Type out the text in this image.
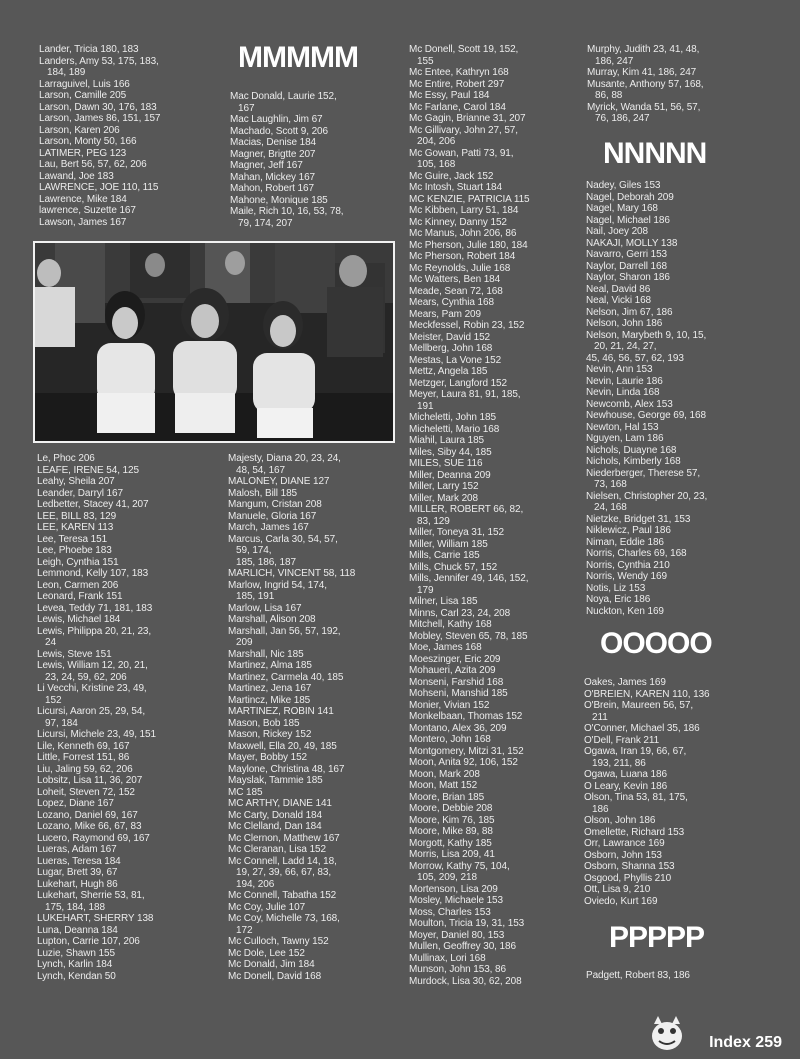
Lander, Tricia 180, 183
Landers, Amy 53, 175, 183,
184, 189
Larraguivel, Luis 166
Larson, Camille 205
Larson, Dawn 30, 176, 183
Larson, James 86, 151, 157
Larson, Karen 206
Larson, Monty 50, 166
LATIMER, PEG 123
Lau, Bert 56, 57, 62, 206
Lawand, Joe 183
LAWRENCE, JOE 110, 115
Lawrence, Mike 184
lawrence, Suzette 167
Lawson, James 167
MMMMM
Mac Donald, Laurie 152,
167
Mac Laughlin, Jim 67
Machado, Scott 9, 206
Macias, Denise 184
Magner, Brigtte 207
Magner, Jeff 167
Mahan, Mickey 167
Mahon, Robert 167
Mahone, Monique 185
Maile, Rich 10, 16, 53, 78,
79, 174, 207
Le, Phoc 206
LEAFE, IRENE 54, 125
Leahy, Sheila 207
Leander, Darryl 167
Ledbetter, Stacey 41, 207
LEE, BILL 83, 129
LEE, KAREN 113
Lee, Teresa 151
Lee, Phoebe 183
Leigh, Cynthia 151
Lemmond, Kelly 107, 183
Leon, Carmen 206
Leonard, Frank 151
Levea, Teddy 71, 181, 183
Lewis, Michael 184
Lewis, Philippa 20, 21, 23,
24
Lewis, Steve 151
Lewis, William 12, 20, 21,
23, 24, 59, 62, 206
Li Vecchi, Kristine 23, 49,
152
Licursi, Aaron 25, 29, 54,
97, 184
Licursi, Michele 23, 49, 151
Lile, Kenneth 69, 167
Little, Forrest 151, 86
Liu, Jaling 59, 62, 206
Lobsitz, Lisa 11, 36, 207
Loheit, Steven 72, 152
Lopez, Diane 167
Lozano, Daniel 69, 167
Lozano, Mike 66, 67, 83
Lucero, Raymond 69, 167
Lueras, Adam 167
Lueras, Teresa 184
Lugar, Brett 39, 67
Lukehart, Hugh 86
Lukehart, Sherrie 53, 81,
175, 184, 188
LUKEHART, SHERRY 138
Luna, Deanna 184
Lupton, Carrie 107, 206
Luzie, Shawn 155
Lynch, Karlin 184
Lynch, Kendan 50
Majesty, Diana 20, 23, 24,
48, 54, 167
MALONEY, DIANE 127
Malosh, Bill 185
Mangum, Cristan 208
Manuele, Gloria 167
March, James 167
Marcus, Carla 30, 54, 57,
59, 174,
185, 186, 187
MARLICH, VINCENT 58, 118
Marlow, Ingrid 54, 174,
185, 191
Marlow, Lisa 167
Marshall, Alison 208
Marshall, Jan 56, 57, 192,
209
Marshall, Nic 185
Martinez, Alma 185
Martinez, Carmela 40, 185
Martinez, Jena 167
Martincz, Mike 185
MARTINEZ, ROBIN 141
Mason, Bob 185
Mason, Rickey 152
Maxwell, Ella 20, 49, 185
Mayer, Bobby 152
Maylone, Christina 48, 167
Mayslak, Tammie 185
MC 185
MC ARTHY, DIANE 141
Mc Carty, Donald 184
Mc Clelland, Dan 184
Mc Clernon, Matthew 167
Mc Cleranan, Lisa 152
Mc Connell, Ladd 14, 18,
19, 27, 39, 66, 67, 83,
194, 206
Mc Connell, Tabatha 152
Mc Coy, Julie 107
Mc Coy, Michelle 73, 168,
172
Mc Culloch, Tawny 152
Mc Dole, Lee 152
Mc Donald, Jim 184
Mc Donell, David 168
Mc Donell, Scott 19, 152,
155
Mc Entee, Kathryn 168
Mc Entire, Robert 297
Mc Essy, Paul 184
Mc Farlane, Carol 184
Mc Gagin, Brianne 31, 207
Mc Gillivary, John 27, 57,
204, 206
Mc Gowan, Patti 73, 91,
105, 168
Mc Guire, Jack 152
Mc Intosh, Stuart 184
MC KENZIE, PATRICIA 115
Mc Kibben, Larry 51, 184
Mc Kinney, Danny 152
Mc Manus, John 206, 86
Mc Pherson, Julie 180, 184
Mc Pherson, Robert 184
Mc Reynolds, Julie 168
Mc Watters, Ben 184
Meade, Sean 72, 168
Mears, Cynthia 168
Mears, Pam 209
Meckfessel, Robin 23, 152
Meister, David 152
Mellberg, John 168
Mestas, La Vone 152
Mettz, Angela 185
Metzger, Langford 152
Meyer, Laura 81, 91, 185,
191
Micheletti, John 185
Micheletti, Mario 168
Miahil, Laura 185
Miles, Siby 44, 185
MILES, SUE 116
Miller, Deanna 209
Miller, Larry 152
Miller, Mark 208
MILLER, ROBERT 66, 82,
83, 129
Miller, Toneya 31, 152
Miller, William 185
Mills, Carrie 185
Mills, Chuck 57, 152
Mills, Jennifer 49, 146, 152,
179
Milner, Lisa 185
Minns, Carl 23, 24, 208
Mitchell, Kathy 168
Mobley, Steven 65, 78, 185
Moe, James 168
Moeszinger, Eric 209
Mohaueri, Azita 209
Monseni, Farshid 168
Mohseni, Manshid 185
Monier, Vivian 152
Monkelbaan, Thomas 152
Montano, Alex 36, 209
Montero, John 168
Montgomery, Mitzi 31, 152
Moon, Anita 92, 106, 152
Moon, Mark 208
Moon, Matt 152
Moore, Brian 185
Moore, Debbie 208
Moore, Kim 76, 185
Moore, Mike 89, 88
Morgott, Kathy 185
Morris, Lisa 209, 41
Morrow, Kathy 75, 104,
105, 209, 218
Mortenson, Lisa 209
Mosley, Michaele 153
Moss, Charles 153
Moulton, Tricia 19, 31, 153
Moyer, Daniel 80, 153
Mullen, Geoffrey 30, 186
Mullinax, Lori 168
Munson, John 153, 86
Murdock, Lisa 30, 62, 208
Murphy, Judith 23, 41, 48,
186, 247
Murray, Kim 41, 186, 247
Musante, Anthony 57, 168,
86, 88
Myrick, Wanda 51, 56, 57,
76, 186, 247
NNNNN
Nadey, Giles 153
Nagel, Deborah 209
Nagel, Mary 168
Nagel, Michael 186
Nail, Joey 208
NAKAJI, MOLLY 138
Navarro, Gerri 153
Naylor, Darrell 168
Naylor, Sharon 186
Neal, David 86
Neal, Vicki 168
Nelson, Jim 67, 186
Nelson, John 186
Nelson, Marybeth 9, 10, 15,
20, 21, 24, 27,
45, 46, 56, 57, 62, 193
Nevin, Ann 153
Nevin, Laurie 186
Nevin, Linda 168
Newcomb, Alex 153
Newhouse, George 69, 168
Newton, Hal 153
Nguyen, Lam 186
Nichols, Duayne 168
Nichols, Kimberly 168
Niederberger, Therese 57,
73, 168
Nielsen, Christopher 20, 23,
24, 168
Nietzke, Bridget 31, 153
Niklewicz, Paul 186
Niman, Eddie 186
Norris, Charles 69, 168
Norris, Cynthia 210
Norris, Wendy 169
Notis, Liz 153
Noya, Eric 186
Nuckton, Ken 169
OOOOO
Oakes, James 169
O'BREIEN, KAREN 110, 136
O'Brein, Maureen 56, 57,
211
O'Conner, Michael 35, 186
O'Dell, Frank 211
Ogawa, Iran 19, 66, 67,
193, 211, 86
Ogawa, Luana 186
O Leary, Kevin 186
Olson, Tina 53, 81, 175,
186
Olson, John 186
Omellette, Richard 153
Orr, Lawrance 169
Osborn, John 153
Osborn, Shanna 153
Osgood, Phyllis 210
Ott, Lisa 9, 210
Oviedo, Kurt 169
PPPPP
Padgett, Robert 83, 186
Index 259
